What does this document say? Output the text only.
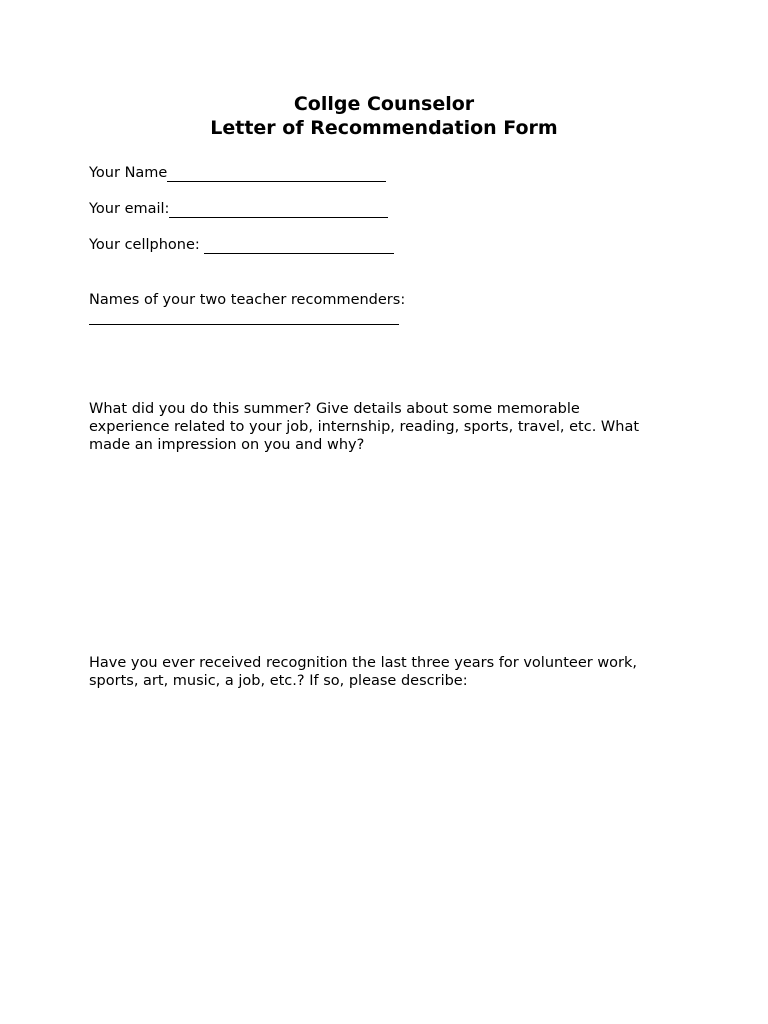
Collge Counselor
Letter of Recommendation Form
Your Name
Your email:
Your cellphone:
Names of your two teacher recommenders:
What did you do this summer? Give details about some memorable
experience related to your job, internship, reading, sports, travel, etc. What
made an impression on you and why?
Have you ever received recognition the last three years for volunteer work,
sports, art, music, a job, etc.? If so, please describe:
